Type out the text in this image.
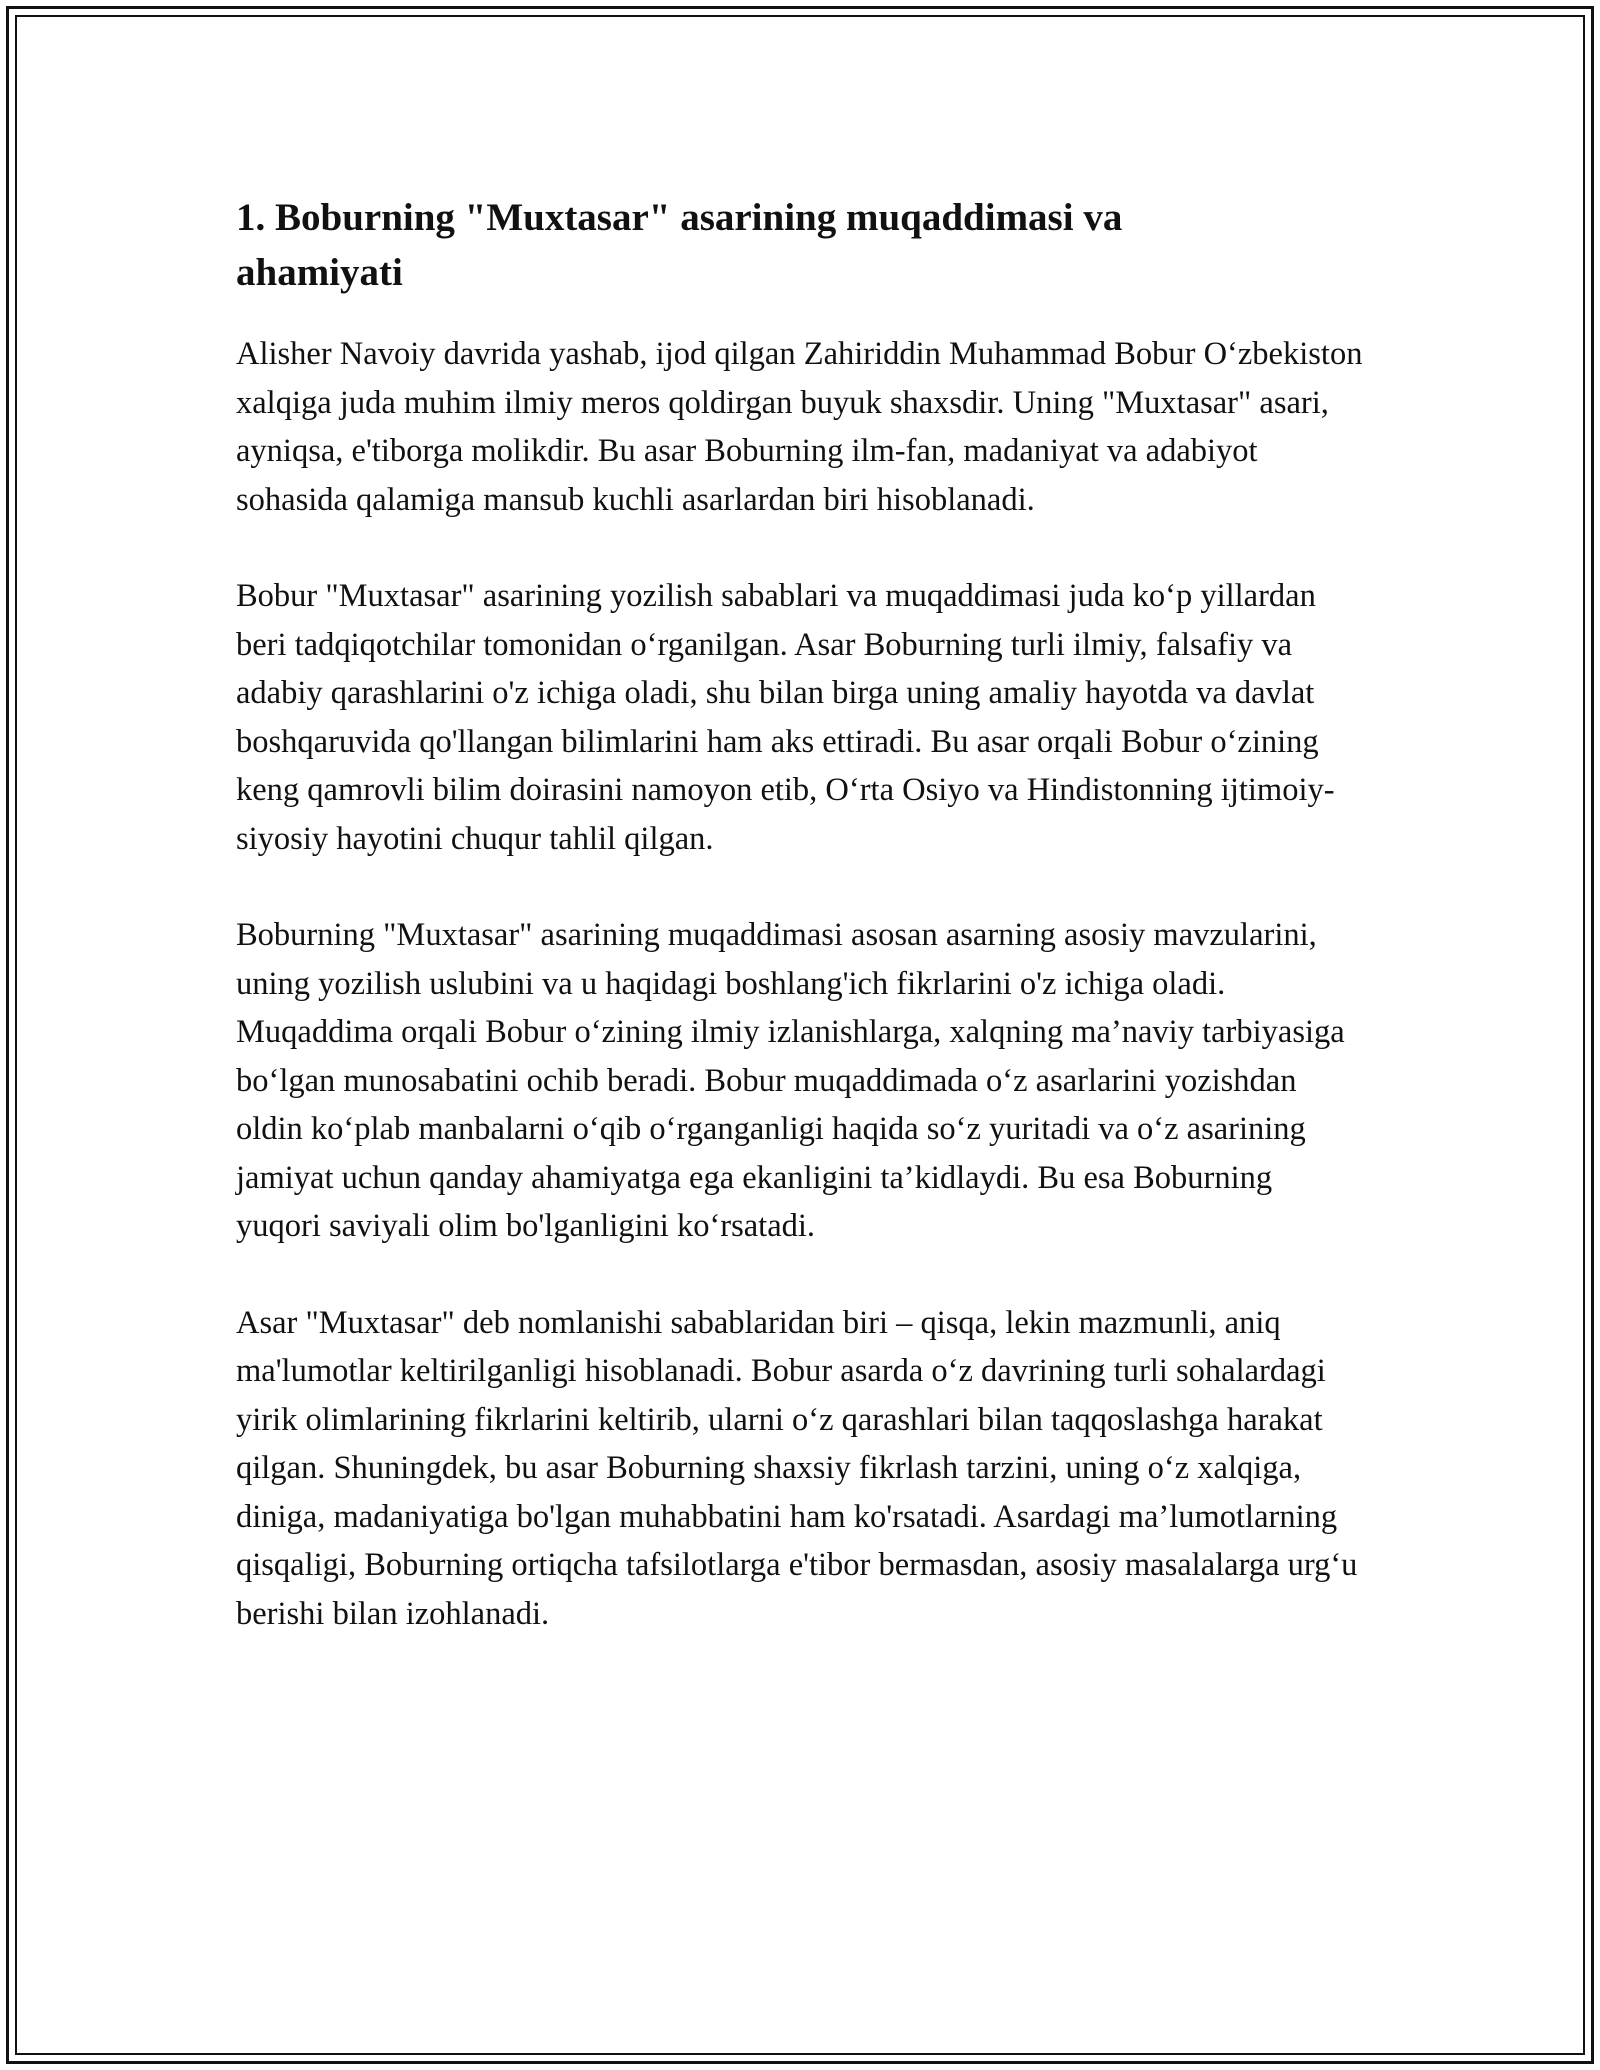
1. Boburning "Muxtasar" asarining muqaddimasi va ahamiyati

Alisher Navoiy davrida yashab, ijod qilgan Zahiriddin Muhammad Bobur O‘zbekiston xalqiga juda muhim ilmiy meros qoldirgan buyuk shaxsdir. Uning "Muxtasar" asari, ayniqsa, e'tiborga molikdir. Bu asar Boburning ilm-fan, madaniyat va adabiyot sohasida qalamiga mansub kuchli asarlardan biri hisoblanadi.

Bobur "Muxtasar" asarining yozilish sabablari va muqaddimasi juda ko‘p yillardan beri tadqiqotchilar tomonidan o‘rganilgan. Asar Boburning turli ilmiy, falsafiy va adabiy qarashlarini o'z ichiga oladi, shu bilan birga uning amaliy hayotda va davlat boshqaruvida qo'llangan bilimlarini ham aks ettiradi. Bu asar orqali Bobur o‘zining keng qamrovli bilim doirasini namoyon etib, O‘rta Osiyo va Hindistonning ijtimoiy-siyosiy hayotini chuqur tahlil qilgan.

Boburning "Muxtasar" asarining muqaddimasi asosan asarning asosiy mavzularini, uning yozilish uslubini va u haqidagi boshlang'ich fikrlarini o'z ichiga oladi. Muqaddima orqali Bobur o‘zining ilmiy izlanishlarga, xalqning ma’naviy tarbiyasiga bo‘lgan munosabatini ochib beradi. Bobur muqaddimada o‘z asarlarini yozishdan oldin ko‘plab manbalarni o‘qib o‘rganganligi haqida so‘z yuritadi va o‘z asarining jamiyat uchun qanday ahamiyatga ega ekanligini ta’kidlaydi. Bu esa Boburning yuqori saviyali olim bo'lganligini ko‘rsatadi.

Asar "Muxtasar" deb nomlanishi sabablaridan biri – qisqa, lekin mazmunli, aniq ma'lumotlar keltirilganligi hisoblanadi. Bobur asarda o‘z davrining turli sohalardagi yirik olimlarining fikrlarini keltirib, ularni o‘z qarashlari bilan taqqoslashga harakat qilgan. Shuningdek, bu asar Boburning shaxsiy fikrlash tarzini, uning o‘z xalqiga, diniga, madaniyatiga bo'lgan muhabbatini ham ko'rsatadi. Asardagi ma’lumotlarning qisqaligi, Boburning ortiqcha tafsilotlarga e'tibor bermasdan, asosiy masalalarga urg‘u berishi bilan izohlanadi.
